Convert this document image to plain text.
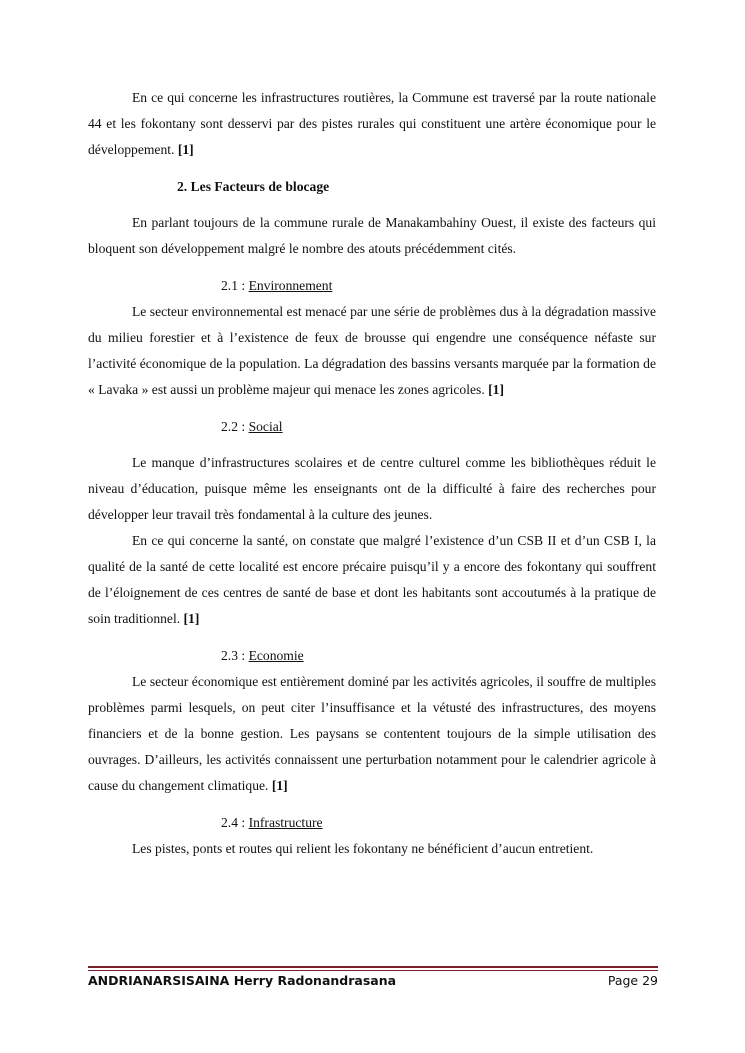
En ce qui concerne les infrastructures routières, la Commune est traversé par la route nationale 44 et les fokontany sont desservi par des pistes rurales qui constituent une artère économique pour le développement. [1]

2. Les Facteurs de blocage

En parlant toujours de la commune rurale de Manakambahiny Ouest, il existe des facteurs qui bloquent son développement malgré le nombre des atouts précédemment cités.

2.1 : Environnement

Le secteur environnemental est menacé par une série de problèmes dus à la dégradation massive du milieu forestier et à l’existence de feux de brousse qui engendre une conséquence néfaste sur l’activité économique de la population. La dégradation des bassins versants marquée par la formation de « Lavaka » est aussi un problème majeur qui menace les zones agricoles. [1]

2.2 : Social

Le manque d’infrastructures scolaires et de centre culturel comme les bibliothèques réduit le niveau d’éducation, puisque même les enseignants ont de la difficulté à faire des recherches pour développer leur travail très fondamental à la culture des jeunes.

En ce qui concerne la santé, on constate que malgré l’existence d’un CSB II et d’un CSB I, la qualité de la santé de cette localité est encore précaire puisqu’il y a encore des fokontany qui souffrent de l’éloignement de ces centres de santé de base et dont les habitants sont accoutumés à la pratique de soin traditionnel. [1]

2.3 : Economie

Le secteur économique est entièrement dominé par les activités agricoles, il souffre de multiples problèmes parmi lesquels, on peut citer l’insuffisance et la vétusté des infrastructures, des moyens financiers et de la bonne gestion. Les paysans se contentent toujours de la simple utilisation des ouvrages. D’ailleurs, les activités connaissent une perturbation notamment pour le calendrier agricole à cause du changement climatique. [1]

2.4 : Infrastructure

Les pistes, ponts et routes qui relient les fokontany ne bénéficient d’aucun entretient.

ANDRIANARSISAINA Herry Radonandrasana	Page 29
